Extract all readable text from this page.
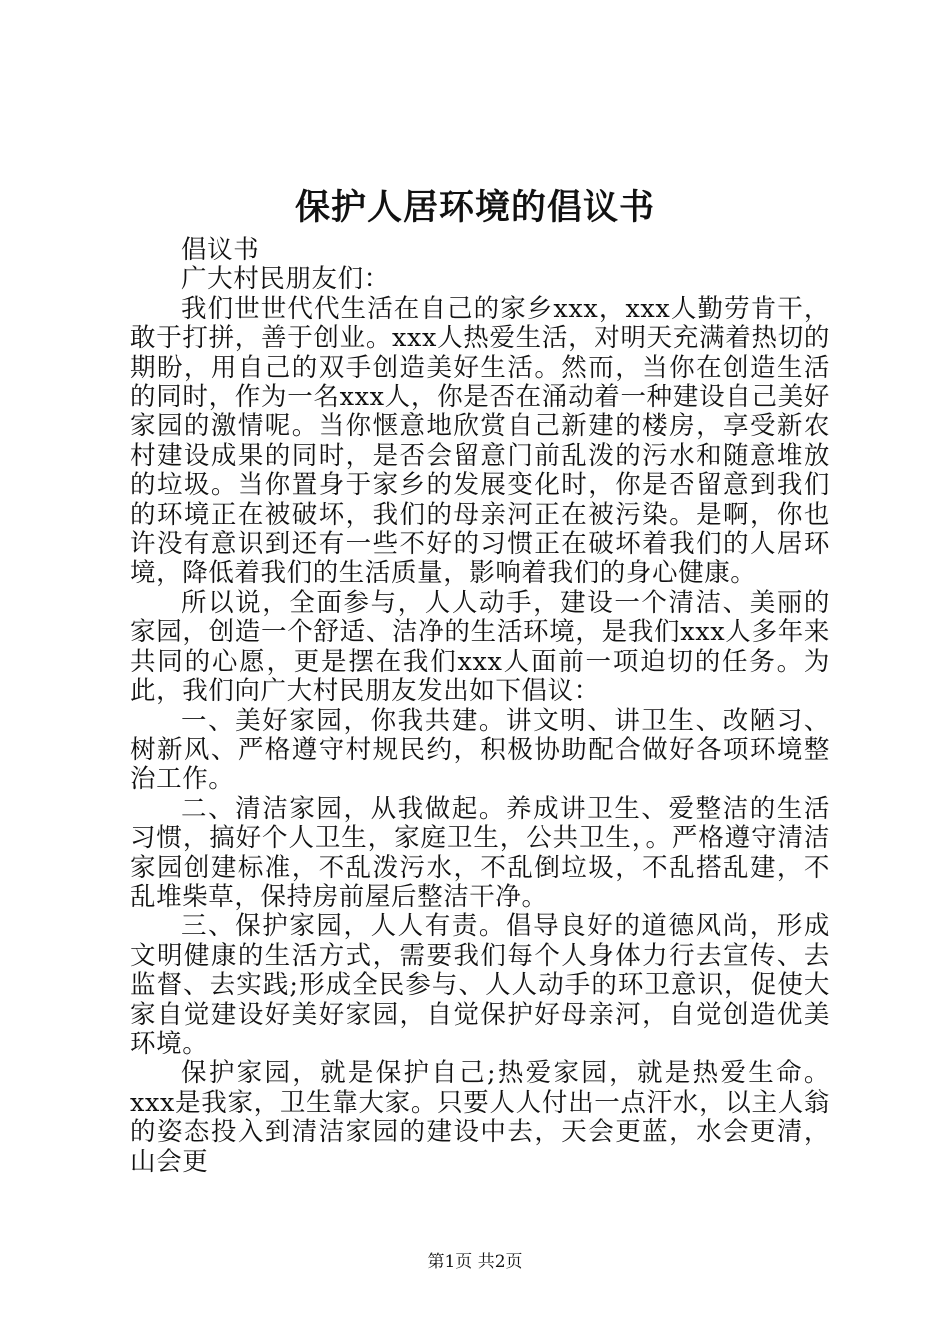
保护人居环境的倡议书

倡议书

广大村民朋友们：

我们世世代代生活在自己的家乡xxx，xxx人勤劳肯干，敢于打拼，善于创业。xxx人热爱生活，对明天充满着热切的期盼，用自己的双手创造美好生活。然而，当你在创造生活的同时，作为一名xxx人，你是否在涌动着一种建设自己美好家园的激情呢。当你惬意地欣赏自己新建的楼房，享受新农村建设成果的同时，是否会留意门前乱泼的污水和随意堆放的垃圾。当你置身于家乡的发展变化时，你是否留意到我们的环境正在被破坏，我们的母亲河正在被污染。是啊，你也许没有意识到还有一些不好的习惯正在破坏着我们的人居环境，降低着我们的生活质量，影响着我们的身心健康。

所以说，全面参与，人人动手，建设一个清洁、美丽的家园，创造一个舒适、洁净的生活环境，是我们xxx人多年来共同的心愿，更是摆在我们xxx人面前一项迫切的任务。为此，我们向广大村民朋友发出如下倡议：

一、美好家园，你我共建。讲文明、讲卫生、改陋习、树新风、严格遵守村规民约，积极协助配合做好各项环境整治工作。

二、清洁家园，从我做起。养成讲卫生、爱整洁的生活习惯，搞好个人卫生，家庭卫生，公共卫生，。严格遵守清洁家园创建标准，不乱泼污水，不乱倒垃圾，不乱搭乱建，不乱堆柴草，保持房前屋后整洁干净。

三、保护家园，人人有责。倡导良好的道德风尚，形成文明健康的生活方式，需要我们每个人身体力行去宣传、去监督、去实践;形成全民参与、人人动手的环卫意识，促使大家自觉建设好美好家园，自觉保护好母亲河，自觉创造优美环境。

保护家园，就是保护自己;热爱家园，就是热爱生命。xxx是我家，卫生靠大家。只要人人付出一点汗水，以主人翁的姿态投入到清洁家园的建设中去，天会更蓝，水会更清，山会更

第1页 共2页
